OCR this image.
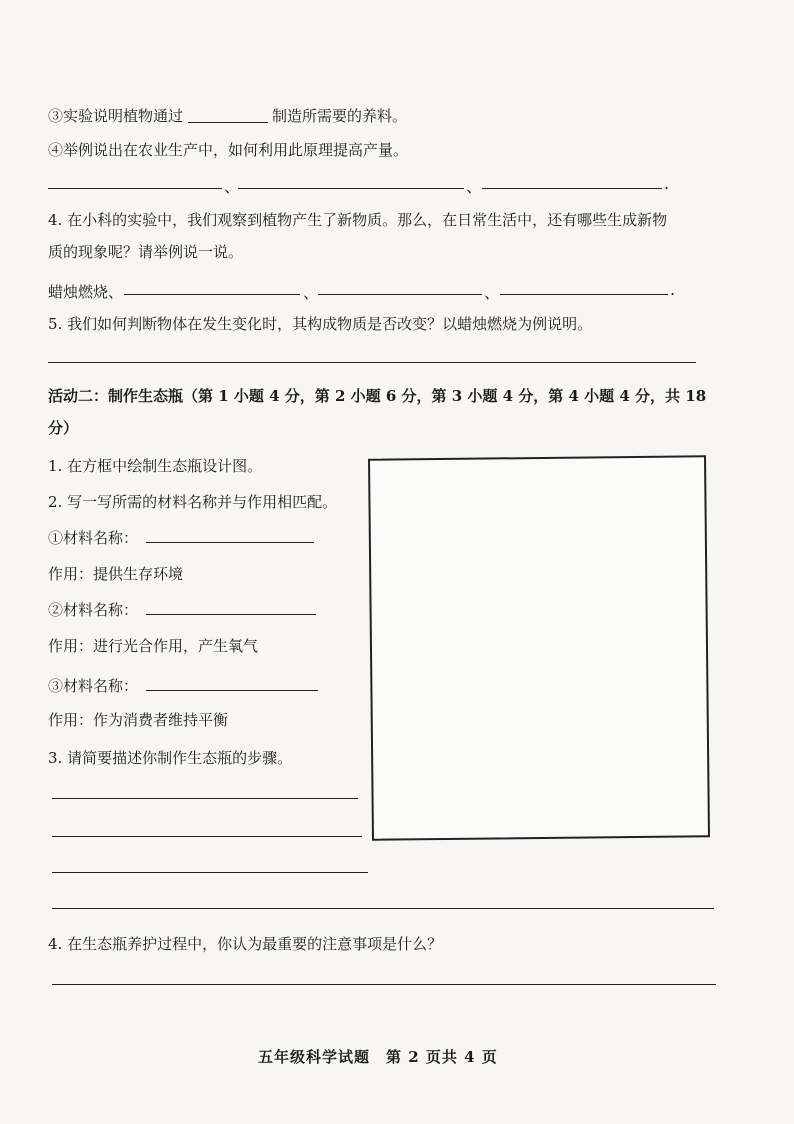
③实验说明植物通过	制造所需要的养料。
④举例说出在农业生产中，如何利用此原理提高产量。
、	、	.
4. 在小科的实验中，我们观察到植物产生了新物质。那么，在日常生活中，还有哪些生成新物
质的现象呢？请举例说一说。
蜡烛燃烧、	、	、	.
5. 我们如何判断物体在发生变化时，其构成物质是否改变？以蜡烛燃烧为例说明。
活动二：制作生态瓶（第 1 小题 4 分，第 2 小题 6 分，第 3 小题 4 分，第 4 小题 4 分，共 18
分）
1. 在方框中绘制生态瓶设计图。
2. 写一写所需的材料名称并与作用相匹配。
①材料名称：
作用：提供生存环境
②材料名称：
作用：进行光合作用，产生氧气
③材料名称：
作用：作为消费者维持平衡
3. 请简要描述你制作生态瓶的步骤。
4. 在生态瓶养护过程中，你认为最重要的注意事项是什么？
五年级科学试题　第 2 页共 4 页
